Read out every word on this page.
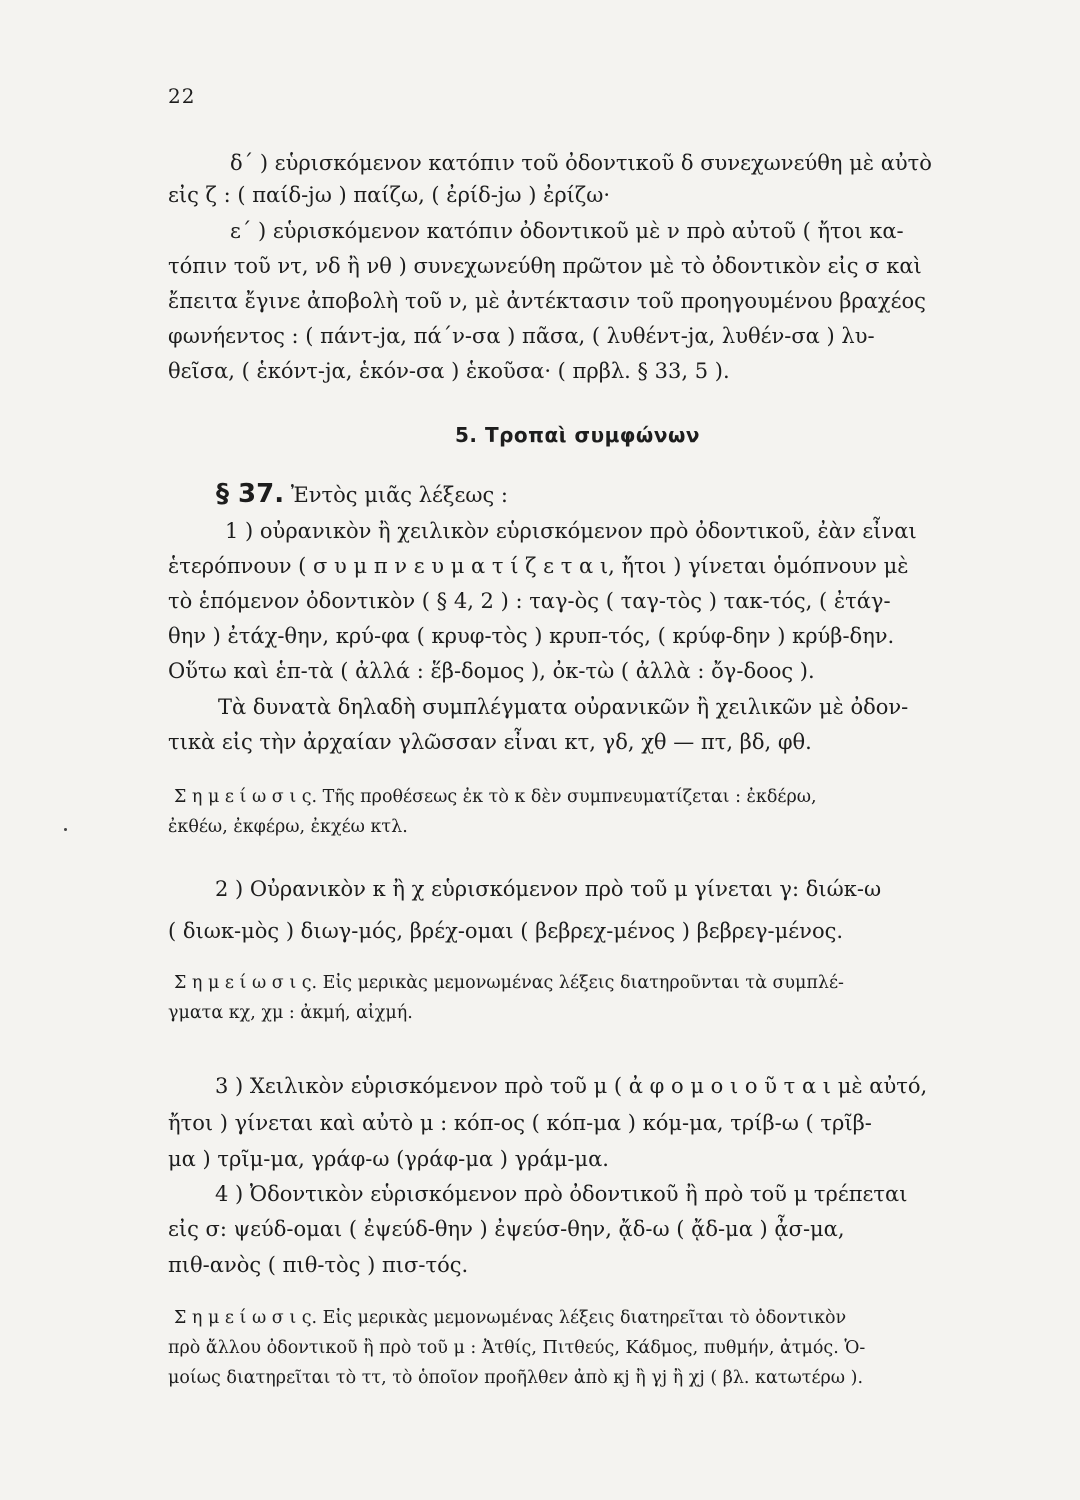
22
δ΄ ) εὑρισκόμενον κατόπιν τοῦ ὀδοντικοῦ δ συνεχωνεύθη μὲ αὐτὸ
εἰς ζ : ( παίδ-jω ) παίζω, ( ἐρίδ-jω ) ἐρίζω·
ε΄ ) εὑρισκόμενον κατόπιν ὀδοντικοῦ μὲ ν πρὸ αὐτοῦ ( ἤτοι κα-
τόπιν τοῦ ντ, νδ ἢ νθ ) συνεχωνεύθη πρῶτον μὲ τὸ ὀδοντικὸν εἰς σ καὶ
ἔπειτα ἔγινε ἀποβολὴ τοῦ ν, μὲ ἀντέκτασιν τοῦ προηγουμένου βραχέος
φωνήεντος : ( πάντ-jα, πά΄ν-σα ) πᾶσα, ( λυθέντ-jα, λυθέν-σα ) λυ-
θεῖσα, ( ἑκόντ-jα, ἑκόν-σα ) ἑκοῦσα· ( πρβλ. § 33, 5 ).
5. Τροπαὶ συμφώνων
§ 37. Ἐντὸς μιᾶς λέξεως :
1 ) οὐρανικὸν ἢ χειλικὸν εὑρισκόμενον πρὸ ὀδοντικοῦ, ἐὰν εἶναι
ἑτερόπνουν ( σ υ μ π ν ε υ μ α τ ί ζ ε τ α ι, ἤτοι ) γίνεται ὁμόπνουν μὲ
τὸ ἑπόμενον ὀδοντικὸν ( § 4, 2 ) : ταγ-ὸς ( ταγ-τὸς ) τακ-τός, ( ἐτάγ-
θην ) ἐτάχ-θην, κρύ-φα ( κρυφ-τὸς ) κρυπ-τός, ( κρύφ-δην ) κρύβ-δην.
Οὕτω καὶ ἑπ-τὰ ( ἀλλά : ἕβ-δομος ), ὀκ-τὼ ( ἀλλὰ : ὄγ-δοος ).
Τὰ δυνατὰ δηλαδὴ συμπλέγματα οὐρανικῶν ἢ χειλικῶν μὲ ὀδον-
τικὰ εἰς τὴν ἀρχαίαν γλῶσσαν εἶναι κτ, γδ, χθ — πτ, βδ, φθ.
Σ η μ ε ί ω σ ι ς. Τῆς προθέσεως ἐκ τὸ κ δὲν συμπνευματίζεται : ἐκδέρω,
ἐκθέω, ἐκφέρω, ἐκχέω κτλ.
2 ) Οὐρανικὸν κ ἢ χ εὑρισκόμενον πρὸ τοῦ μ γίνεται γ: διώκ-ω
( διωκ-μὸς ) διωγ-μός, βρέχ-ομαι ( βεβρεχ-μένος ) βεβρεγ-μένος.
Σ η μ ε ί ω σ ι ς. Εἰς μερικὰς μεμονωμένας λέξεις διατηροῦνται τὰ συμπλέ-
γματα κχ, χμ : ἀκμή, αἰχμή.
3 ) Χειλικὸν εὑρισκόμενον πρὸ τοῦ μ ( ἀ φ ο μ ο ι ο ῦ τ α ι μὲ αὐτό,
ἤτοι ) γίνεται καὶ αὐτὸ μ : κόπ-ος ( κόπ-μα ) κόμ-μα, τρίβ-ω ( τρῖβ-
μα ) τρῖμ-μα, γράφ-ω (γράφ-μα ) γράμ-μα.
4 ) Ὀδοντικὸν εὑρισκόμενον πρὸ ὀδοντικοῦ ἢ πρὸ τοῦ μ τρέπεται
εἰς σ: ψεύδ-ομαι ( ἐψεύδ-θην ) ἐψεύσ-θην, ᾄδ-ω ( ᾄδ-μα ) ᾆσ-μα,
πιθ-ανὸς ( πιθ-τὸς ) πισ-τός.
Σ η μ ε ί ω σ ι ς. Εἰς μερικὰς μεμονωμένας λέξεις διατηρεῖται τὸ ὀδοντικὸν
πρὸ ἄλλου ὀδοντικοῦ ἢ πρὸ τοῦ μ : Ἀτθίς, Πιτθεύς, Κάδμος, πυθμήν, ἀτμός. Ὁ-
μοίως διατηρεῖται τὸ ττ, τὸ ὁποῖον προῆλθεν ἀπὸ κj ἢ γj ἢ χj ( βλ. κατωτέρω ).
